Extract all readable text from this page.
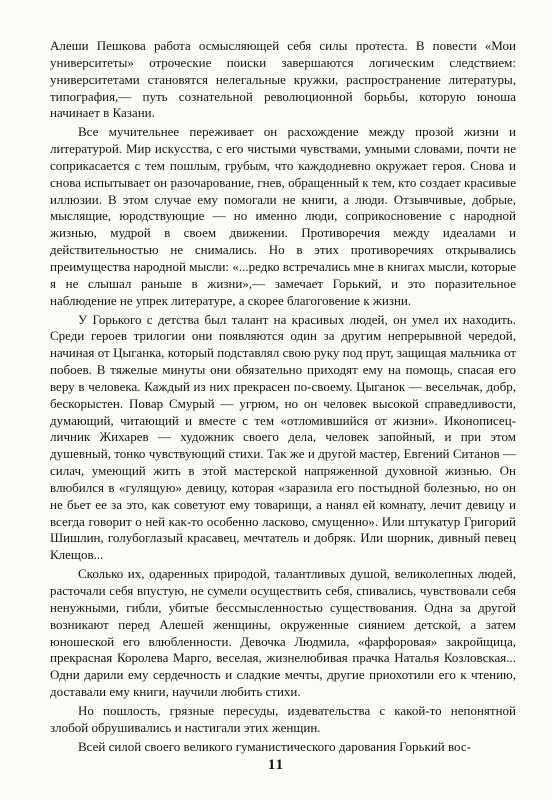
Алеши Пешкова работа осмысляющей себя силы протеста. В повести «Мои университеты» отроческие поиски завершаются логическим следствием: университетами становятся нелегальные кружки, распространение литературы, типография,— путь сознательной революционной борьбы, которую юноша начинает в Казани.

Все мучительнее переживает он расхождение между прозой жизни и литературой. Мир искусства, с его чистыми чувствами, умными словами, почти не соприкасается с тем пошлым, грубым, что каждодневно окружает героя. Снова и снова испытывает он разочарование, гнев, обращенный к тем, кто создает красивые иллюзии. В этом случае ему помогали не книги, а люди. Отзывчивые, добрые, мыслящие, юродствующие — но именно люди, соприкосновение с народной жизнью, мудрой в своем движении. Противоречия между идеалами и действительностью не снимались. Но в этих противоречиях открывались преимущества народной мысли: «...редко встречались мне в книгах мысли, которые я не слышал раньше в жизни»,— замечает Горький, и это поразительное наблюдение не упрек литературе, а скорее благоговение к жизни.

У Горького с детства был талант на красивых людей, он умел их находить. Среди героев трилогии они появляются один за другим непрерывной чередой, начиная от Цыганка, который подставлял свою руку под прут, защищая мальчика от побоев. В тяжелые минуты они обязательно приходят ему на помощь, спасая его веру в человека. Каждый из них прекрасен по-своему. Цыганок — весельчак, добр, бескорыстен. Повар Смурый — угрюм, но он человек высокой справедливости, думающий, читающий и вместе с тем «отломившийся от жизни». Иконописец-личник Жихарев — художник своего дела, человек запойный, и при этом душевный, тонко чувствующий стихи. Так же и другой мастер, Евгений Ситанов — силач, умеющий жить в этой мастерской напряженной духовной жизнью. Он влюбился в «гулящую» девицу, которая «заразила его постыдной болезнью, но он не бьет ее за это, как советуют ему товарищи, а нанял ей комнату, лечит девицу и всегда говорит о ней как-то особенно ласково, смущенно». Или штукатур Григорий Шишлин, голубоглазый красавец, мечтатель и добряк. Или шорник, дивный певец Клещов...

Сколько их, одаренных природой, талантливых душой, великолепных людей, расточали себя впустую, не сумели осуществить себя, спивались, чувствовали себя ненужными, гибли, убитые бессмысленностью существования. Одна за другой возникают перед Алешей женщины, окруженные сиянием детской, а затем юношеской его влюбленности. Девочка Людмила, «фарфоровая» закройщица, прекрасная Королева Марго, веселая, жизнелюбивая прачка Наталья Козловская... Одни дарили ему сердечность и сладкие мечты, другие приохотили его к чтению, доставали ему книги, научили любить стихи.

Но пошлость, грязные пересуды, издевательства с какой-то непонятной злобой обрушивались и настигали этих женщин.

Всей силой своего великого гуманистического дарования Горький вос-

11
